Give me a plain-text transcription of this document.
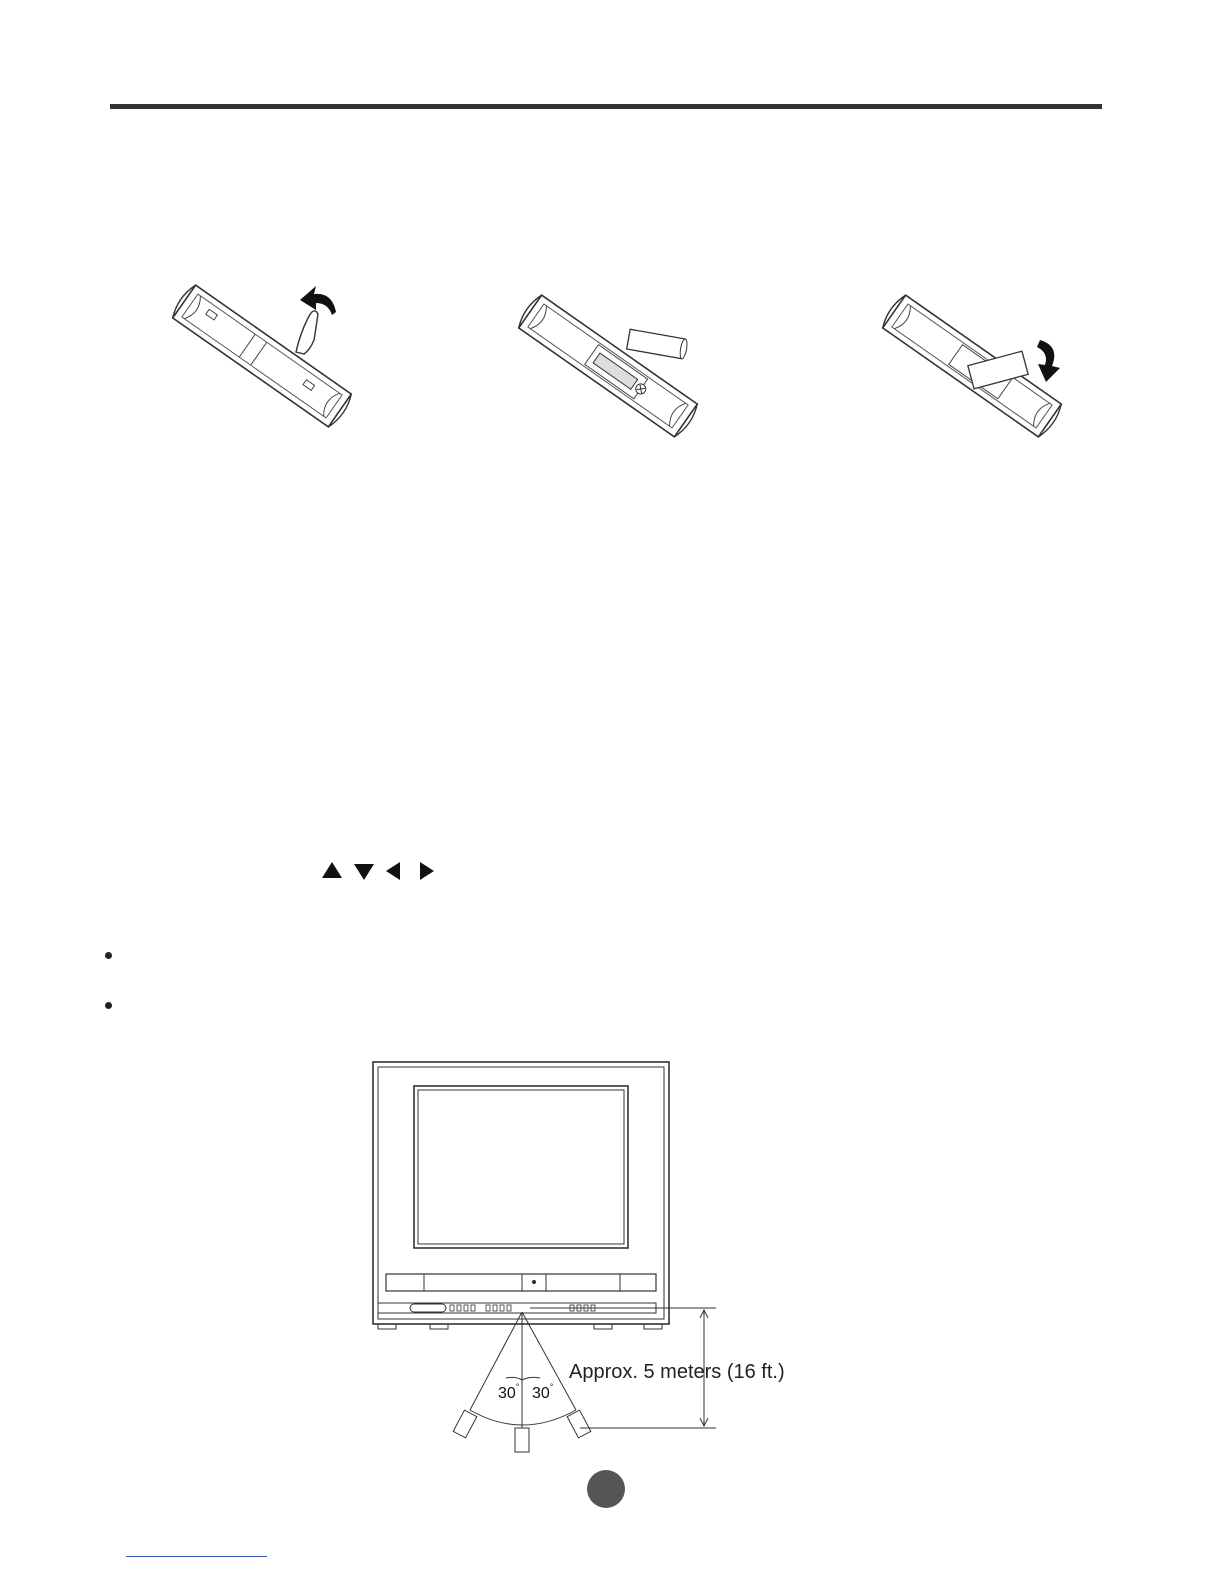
30° 30°
Approx. 5 meters (16 ft.)
